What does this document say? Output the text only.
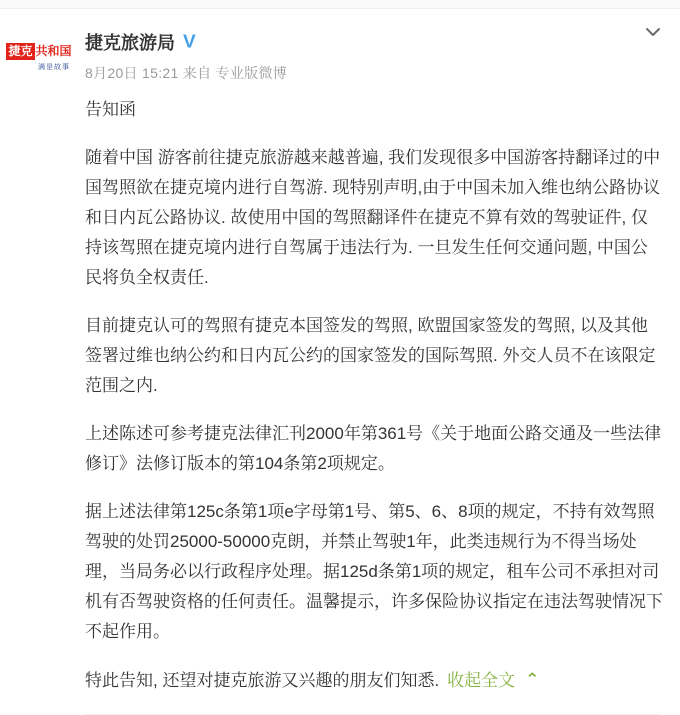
捷克 共和国
满是故事
捷克旅游局 V
8月20日 15:21 来自 专业版微博

告知函

随着中国 游客前往捷克旅游越来越普遍, 我们发现很多中国游客持翻译过的中国驾照欲在捷克境内进行自驾游. 现特别声明,由于中国未加入维也纳公路协议和日内瓦公路协议. 故使用中国的驾照翻译件在捷克不算有效的驾驶证件, 仅持该驾照在捷克境内进行自驾属于违法行为. 一旦发生任何交通问题, 中国公民将负全权责任.

目前捷克认可的驾照有捷克本国签发的驾照, 欧盟国家签发的驾照, 以及其他签署过维也纳公约和日内瓦公约的国家签发的国际驾照. 外交人员不在该限定范围之内.

上述陈述可参考捷克法律汇刊2000年第361号《关于地面公路交通及一些法律修订》法修订版本的第104条第2项规定。

据上述法律第125c条第1项e字母第1号、第5、6、8项的规定，不持有效驾照驾驶的处罚25000-50000克朗，并禁止驾驶1年，此类违规行为不得当场处理，当局务必以行政程序处理。据125d条第1项的规定，租车公司不承担对司机有否驾驶资格的任何责任。温馨提示，许多保险协议指定在违法驾驶情况下不起作用。

特此告知, 还望对捷克旅游又兴趣的朋友们知悉. 收起全文 ⌃
